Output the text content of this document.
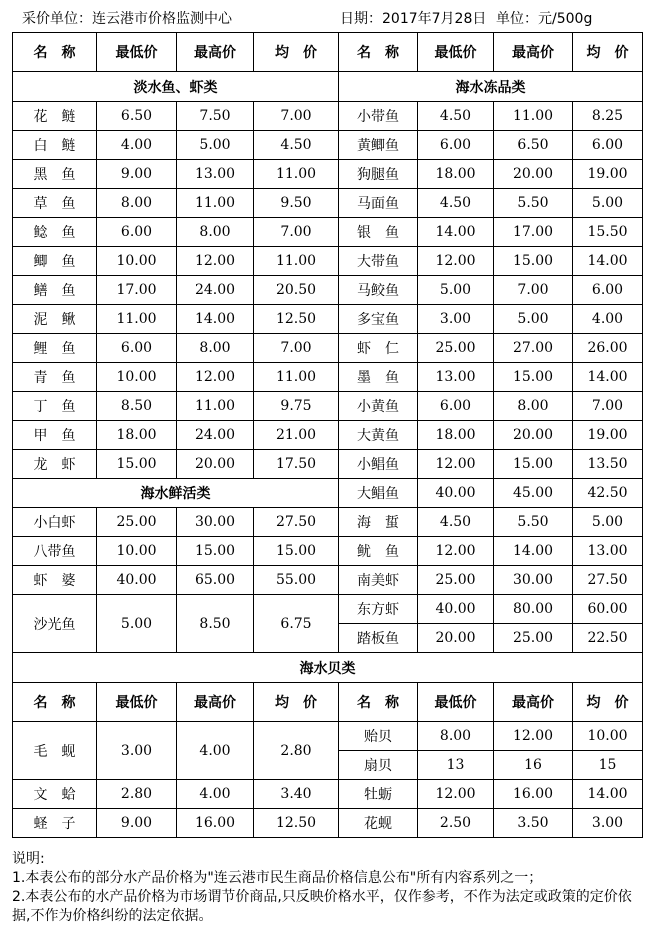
采价单位：连云港市价格监测中心	日期：2017年7月28日 单位：元/500g
名　称	最低价	最高价	均　价	名　称	最低价	最高价	均　价
淡水鱼、虾类				海水冻品类			
花　鲢	6.50	7.50	7.00	小带鱼	4.50	11.00	8.25
白　鲢	4.00	5.00	4.50	黄鲫鱼	6.00	6.50	6.00
黑　鱼	9.00	13.00	11.00	狗腿鱼	18.00	20.00	19.00
草　鱼	8.00	11.00	9.50	马面鱼	4.50	5.50	5.00
鲶　鱼	6.00	8.00	7.00	银　鱼	14.00	17.00	15.50
鲫　鱼	10.00	12.00	11.00	大带鱼	12.00	15.00	14.00
鳝　鱼	17.00	24.00	20.50	马鲛鱼	5.00	7.00	6.00
泥　鳅	11.00	14.00	12.50	多宝鱼	3.00	5.00	4.00
鲤　鱼	6.00	8.00	7.00	虾　仁	25.00	27.00	26.00
青　鱼	10.00	12.00	11.00	墨　鱼	13.00	15.00	14.00
丁　鱼	8.50	11.00	9.75	小黄鱼	6.00	8.00	7.00
甲　鱼	18.00	24.00	21.00	大黄鱼	18.00	20.00	19.00
龙　虾	15.00	20.00	17.50	小鲳鱼	12.00	15.00	13.50
海水鲜活类				大鲳鱼	40.00	45.00	42.50
小白虾	25.00	30.00	27.50	海　蜇	4.50	5.50	5.00
八带鱼	10.00	15.00	15.00	鱿　鱼	12.00	14.00	13.00
虾　婆	40.00	65.00	55.00	南美虾	25.00	30.00	27.50
沙光鱼	5.00	8.50	6.75	东方虾	40.00	80.00	60.00
				踏板鱼	20.00	25.00	22.50
海水贝类							
名　称	最低价	最高价	均　价	名　称	最低价	最高价	均　价
毛　蚬	3.00	4.00	2.80	贻贝	8.00	12.00	10.00
				扇贝	13	16	15
文　蛤	2.80	4.00	3.40	牡蛎	12.00	16.00	14.00
蛏　子	9.00	16.00	12.50	花蚬	2.50	3.50	3.00
说明:
1.本表公布的部分水产品价格为"连云港市民生商品价格信息公布"所有内容系列之一；
2.本表公布的水产品价格为市场谓节价商品,只反映价格水平，仅作参考，不作为法定或政策的定价依据,不作为价格纠纷的法定依据。
